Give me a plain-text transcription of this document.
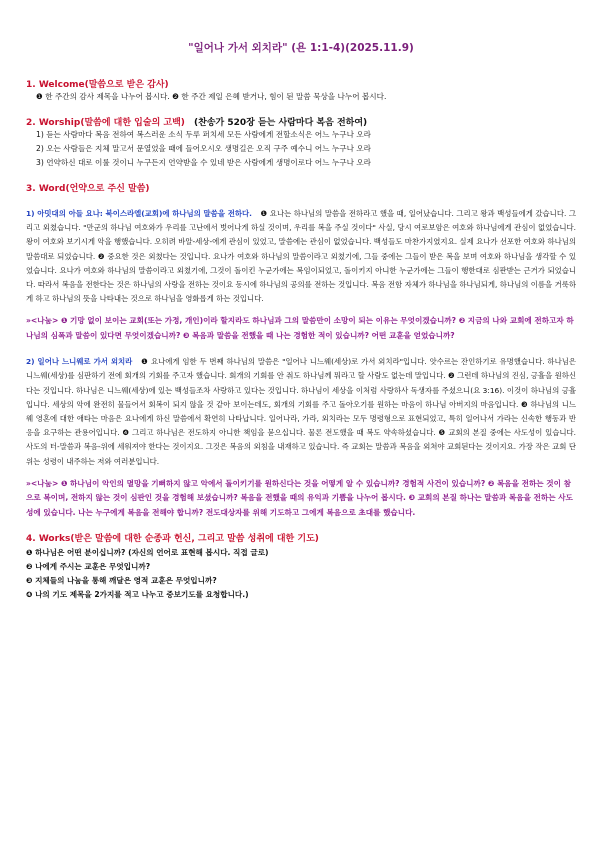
"일어나 가서 외치라" (욘 1:1-4)(2025.11.9)

1. Welcome(말씀으로 받은 감사)

❶ 한 주간의 감사 제목을 나누어 봅시다. ❷ 한 주간 제일 은혜 받거나, 힘이 된 말씀 묵상을 나누어 봅시다.

2. Worship(말씀에 대한 입술의 고백) (찬송가 520장 듣는 사람마다 복음 전하여)

1) 듣는 사람마다 복음 전하여 복스러운 소식 두루 퍼치세 모든 사람에게 전할소식은 어느 누구나 오라
2) 오는 사람들은 지체 말고서 문열었을 때에 들어오시오 생명길은 오직 구주 예수니 어느 누구나 오라
3) 언약하신 대로 이룰 것이니 누구든지 언약받을 수 있네 받은 사람에게 생명이로다 어느 누구나 오라

3. Word(언약으로 주신 말씀)

1) 아밋대의 아들 요나: 북이스라엘(교회)에 하나님의 말씀을 전하다. ❶ 요나는 하나님의 말씀을 전하라고 했을 때, 일어났습니다. 그리고 왕과 백성들에게 갔습니다. 그리고 외쳤습니다. "만군의 하나님 여호와가 우리를 고난에서 벗어나게 하실 것이며, 우리를 복을 주실 것이다" 사실, 당시 여로보암은 여호와 하나님에게 관심이 없었습니다. 왕이 여호와 보기시게 악을 행했습니다. 오히려 바알-세상-에게 관심이 있었고, 말씀에는 관심이 없었습니다. 백성들도 마찬가지였지요. 실제 요나가 선포한 여호와 하나님의 말씀대로 되었습니다. ❷ 중요한 것은 외쳤다는 것입니다. 요나가 여호와 하나님의 말씀이라고 외쳤기에, 그들 중에는 그들이 받은 복을 보며 여호와 하나님을 생각할 수 있었습니다. 요나가 여호와 하나님의 말씀이라고 외쳤기에, 그것이 돌이킨 누군가에는 복임이되었고, 돌이키지 아니한 누군가에는 그들이 행한대로 심판받는 근거가 되었습니다. 따라서 복음을 전한다는 것은 하나님의 사랑을 전하는 것이요 동시에 하나님의 공의를 전하는 것입니다. 복음 전함 자체가 하나님을 하나님되게, 하나님의 이름을 거룩하게 하고 하나님의 뜻을 나타내는 것으로 하나님을 영화롭게 하는 것입니다.
»<나눔> ❶ 기망 없이 보이는 교회(또는 가정, 개인)이라 할지라도 하나님과 그의 말씀만이 소망이 되는 이유는 무엇이겠습니까? ❷ 지금의 나와 교회에 전하고자 하나님의 심폭과 말씀이 있다면 무엇이겠습니까? ❸ 복음과 말씀을 전했을 때 나는 경험한 적이 있습니까? 어떤 교훈을 얻었습니까?
2) 일어나 느니웨로 가서 외치라 ❶ 요나에게 임한 두 번째 하나님의 말씀은 "일어나 니느웨(세상)로 가서 외치라"입니다. 앗수르는 잔인하기로 유명했습니다. 하나님은 니느웨(세상)를 심판하기 전에 회개의 기회를 주고자 했습니다. 회개의 기회를 안 줘도 하나님께 뭐라고 할 사람도 없는데 말입니다. ❷ 그런데 하나님의 진심, 긍휼을 원하신다는 것입니다. 하나님은 니느웨(세상)에 있는 백성들조차 사랑하고 있다는 것입니다. 하나님이 세상을 이처럼 사랑하사 독생자를 주셨으니(요 3:16). 이것이 하나님의 긍휼입니다. 세상의 악에 완전히 물들어서 회복이 되지 않을 것 같아 보이는데도, 회개의 기회를 주고 돌아오기를 원하는 마음이 하나님 아버지의 마음입니다. ❸ 하나님의 니느웨 영혼에 대한 애타는 마음은 요나에게 하신 말씀에서 확연히 나타납니다. 일어나라, 가라, 외치라는 모두 명령형으로 표현되었고, 특히 일어나서 가라는 신속한 행동과 반응을 요구하는 관용어입니다. ❹ 그리고 하나님은 전도하지 아니한 책임을 묻으십니다. 물론 전도했을 때 복도 약속하셨습니다. ❺ 교회의 본질 중에는 사도성이 있습니다. 사도의 터-말씀과 복음-위에 세워져야 한다는 것이지요. 그것은 복음의 외침을 내재하고 있습니다. 즉 교회는 말씀과 복음을 외쳐야 교회된다는 것이지요. 가장 작은 교회 단위는 성령이 내주하는 저와 여러분입니다.
»<나눔> ❶ 하나님이 악인의 멸망을 기뻐하지 않고 악에서 돌이키기를 원하신다는 것을 어떻게 알 수 있습니까? 경험적 사건이 있습니까? ❷ 복음을 전하는 것이 참으로 복이며, 전하지 않는 것이 심판인 것을 경험해 보셨습니까? 복음을 전했을 때의 유익과 기쁨을 나누어 봅시다. ❸ 교회의 본질 하나는 말씀과 복음을 전하는 사도성에 있습니다. 나는 누구에게 복음을 전해야 합니까? 전도대상자를 위해 기도하고 그에게 복음으로 초대를 했습니다.

4. Works(받은 말씀에 대한 순종과 헌신, 그리고 말씀 성취에 대한 기도)

❶ 하나님은 어떤 분이십니까? (자신의 언어로 표현해 봅시다. 직접 글로)
❷ 나에게 주시는 교훈은 무엇입니까?
❸ 지체들의 나눔을 통해 깨달은 영적 교훈은 무엇입니까?
❹ 나의 기도 제목을 2가지를 적고 나누고 중보기도를 요청합니다.)
